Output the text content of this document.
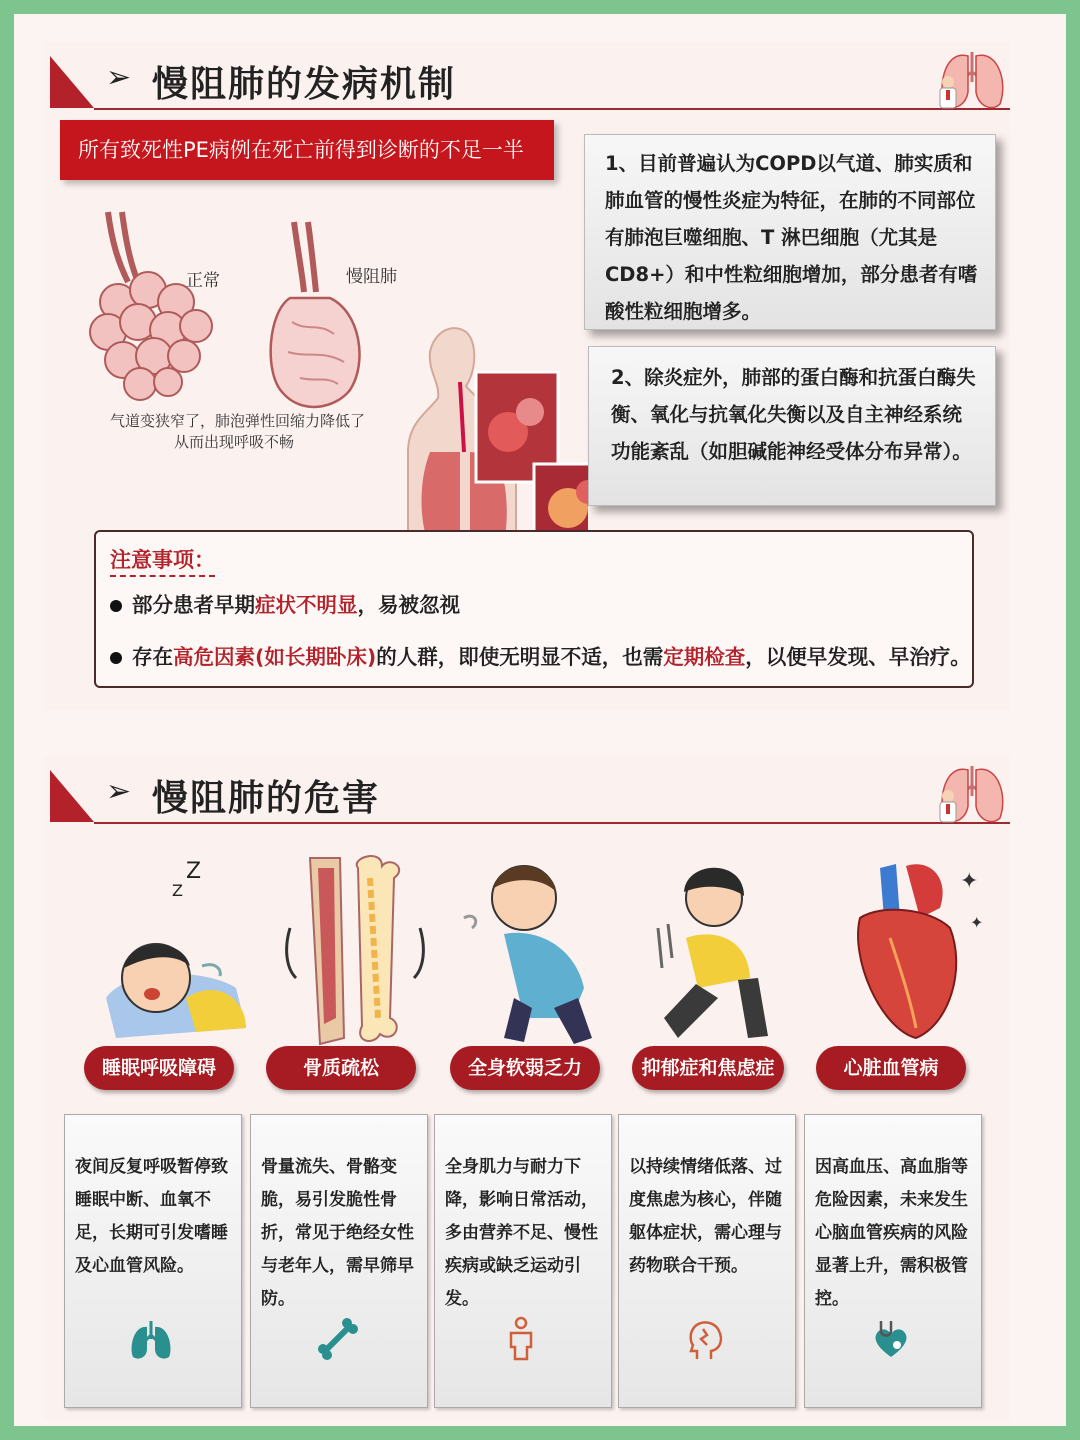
➢ 慢阻肺的发病机制
所有致死性PE病例在死亡前得到诊断的不足一半
1、目前普遍认为COPD以气道、肺实质和肺血管的慢性炎症为特征，在肺的不同部位有肺泡巨噬细胞、T 淋巴细胞（尤其是CD8+）和中性粒细胞增加，部分患者有嗜酸性粒细胞增多。
2、除炎症外，肺部的蛋白酶和抗蛋白酶失衡、氧化与抗氧化失衡以及自主神经系统功能紊乱（如胆碱能神经受体分布异常）。
正常	慢阻肺
气道变狭窄了，肺泡弹性回缩力降低了
从而出现呼吸不畅
注意事项：
部分患者早期症状不明显，易被忽视
存在高危因素(如长期卧床)的人群，即使无明显不适，也需定期检查，以便早发现、早治疗。
➢ 慢阻肺的危害
Z
Z	✦
✦
睡眠呼吸障碍	骨质疏松	全身软弱乏力	抑郁症和焦虑症	心脏血管病
夜间反复呼吸暂停致睡眠中断、血氧不足，长期可引发嗜睡及心血管风险。
骨量流失、骨骼变脆，易引发脆性骨折，常见于绝经女性与老年人，需早筛早防。
全身肌力与耐力下降，影响日常活动，多由营养不足、慢性疾病或缺乏运动引发。
以持续情绪低落、过度焦虑为核心，伴随躯体症状，需心理与药物联合干预。
因高血压、高血脂等危险因素，未来发生心脑血管疾病的风险显著上升，需积极管控。
